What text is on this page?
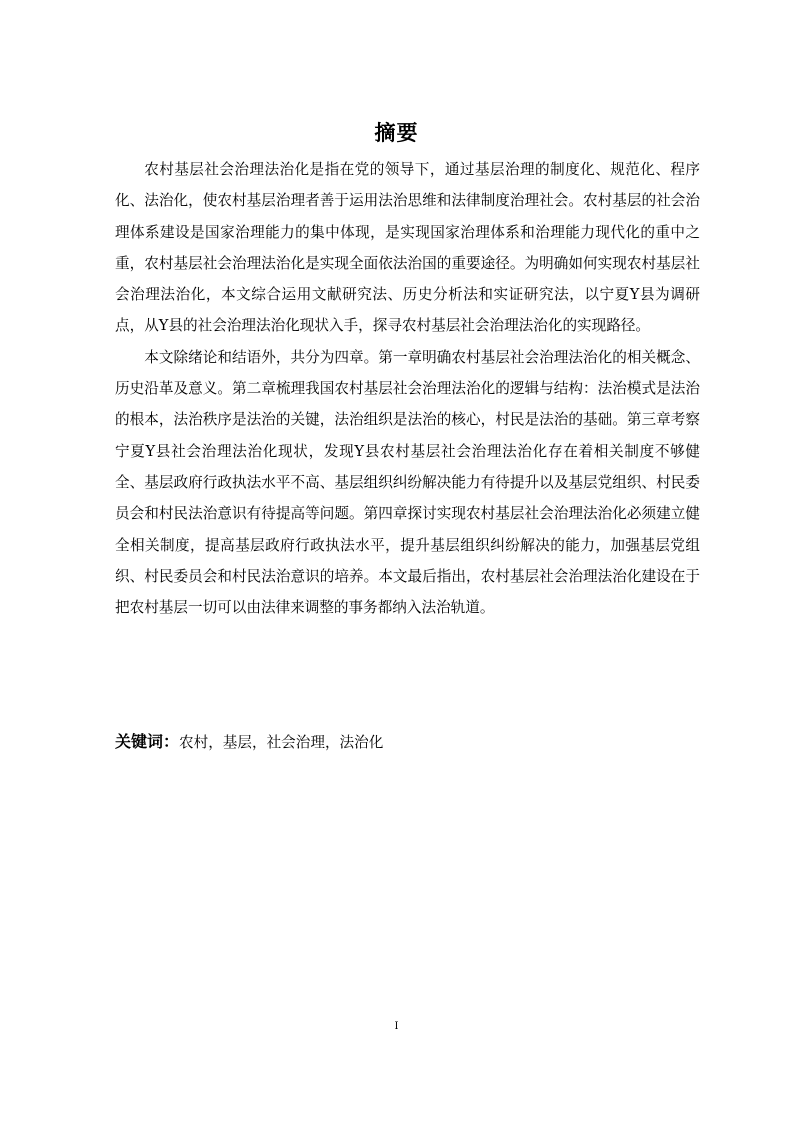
摘要

农村基层社会治理法治化是指在党的领导下，通过基层治理的制度化、规范化、程序化、法治化，使农村基层治理者善于运用法治思维和法律制度治理社会。农村基层的社会治理体系建设是国家治理能力的集中体现，是实现国家治理体系和治理能力现代化的重中之重，农村基层社会治理法治化是实现全面依法治国的重要途径。为明确如何实现农村基层社会治理法治化，本文综合运用文献研究法、历史分析法和实证研究法，以宁夏Y县为调研点，从Y县的社会治理法治化现状入手，探寻农村基层社会治理法治化的实现路径。

本文除绪论和结语外，共分为四章。第一章明确农村基层社会治理法治化的相关概念、历史沿革及意义。第二章梳理我国农村基层社会治理法治化的逻辑与结构：法治模式是法治的根本，法治秩序是法治的关键，法治组织是法治的核心，村民是法治的基础。第三章考察宁夏Y县社会治理法治化现状，发现Y县农村基层社会治理法治化存在着相关制度不够健全、基层政府行政执法水平不高、基层组织纠纷解决能力有待提升以及基层党组织、村民委员会和村民法治意识有待提高等问题。第四章探讨实现农村基层社会治理法治化必须建立健全相关制度，提高基层政府行政执法水平，提升基层组织纠纷解决的能力，加强基层党组织、村民委员会和村民法治意识的培养。本文最后指出，农村基层社会治理法治化建设在于把农村基层一切可以由法律来调整的事务都纳入法治轨道。

关键词：农村，基层，社会治理，法治化
I
